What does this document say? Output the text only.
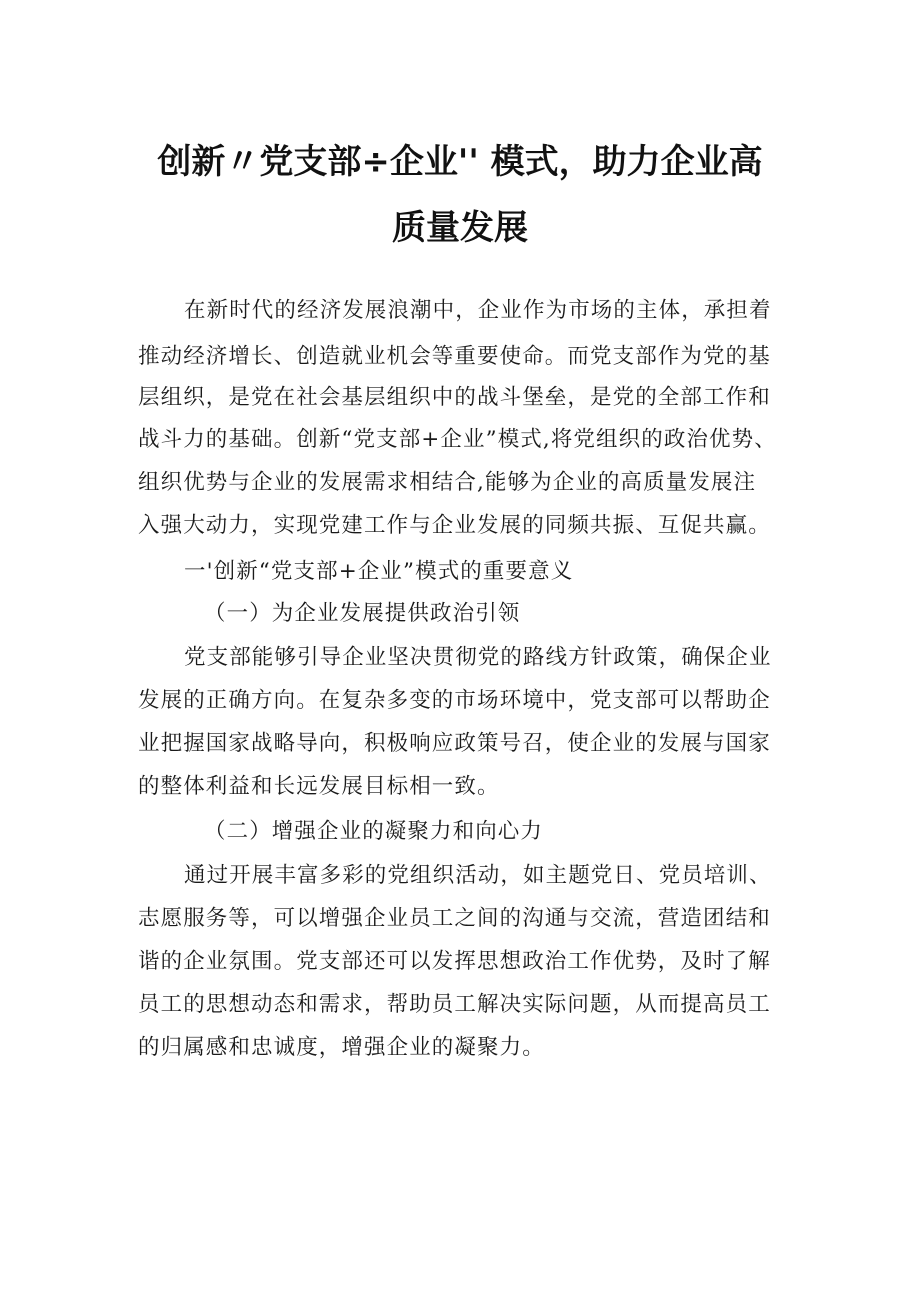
创新〃党支部÷企业'' 模式，助力企业高
质量发展
在新时代的经济发展浪潮中，企业作为市场的主体，承担着
推动经济增长、创造就业机会等重要使命。而党支部作为党的基
层组织，是党在社会基层组织中的战斗堡垒，是党的全部工作和
战斗力的基础。创新“党支部+企业”模式,将党组织的政治优势、
组织优势与企业的发展需求相结合,能够为企业的高质量发展注
入强大动力，实现党建工作与企业发展的同频共振、互促共赢。
一'创新“党支部+企业”模式的重要意义
（一）为企业发展提供政治引领
党支部能够引导企业坚决贯彻党的路线方针政策，确保企业
发展的正确方向。在复杂多变的市场环境中，党支部可以帮助企
业把握国家战略导向，积极响应政策号召，使企业的发展与国家
的整体利益和长远发展目标相一致。
（二）增强企业的凝聚力和向心力
通过开展丰富多彩的党组织活动，如主题党日、党员培训、
志愿服务等，可以增强企业员工之间的沟通与交流，营造团结和
谐的企业氛围。党支部还可以发挥思想政治工作优势，及时了解
员工的思想动态和需求，帮助员工解决实际问题，从而提高员工
的归属感和忠诚度，增强企业的凝聚力。
